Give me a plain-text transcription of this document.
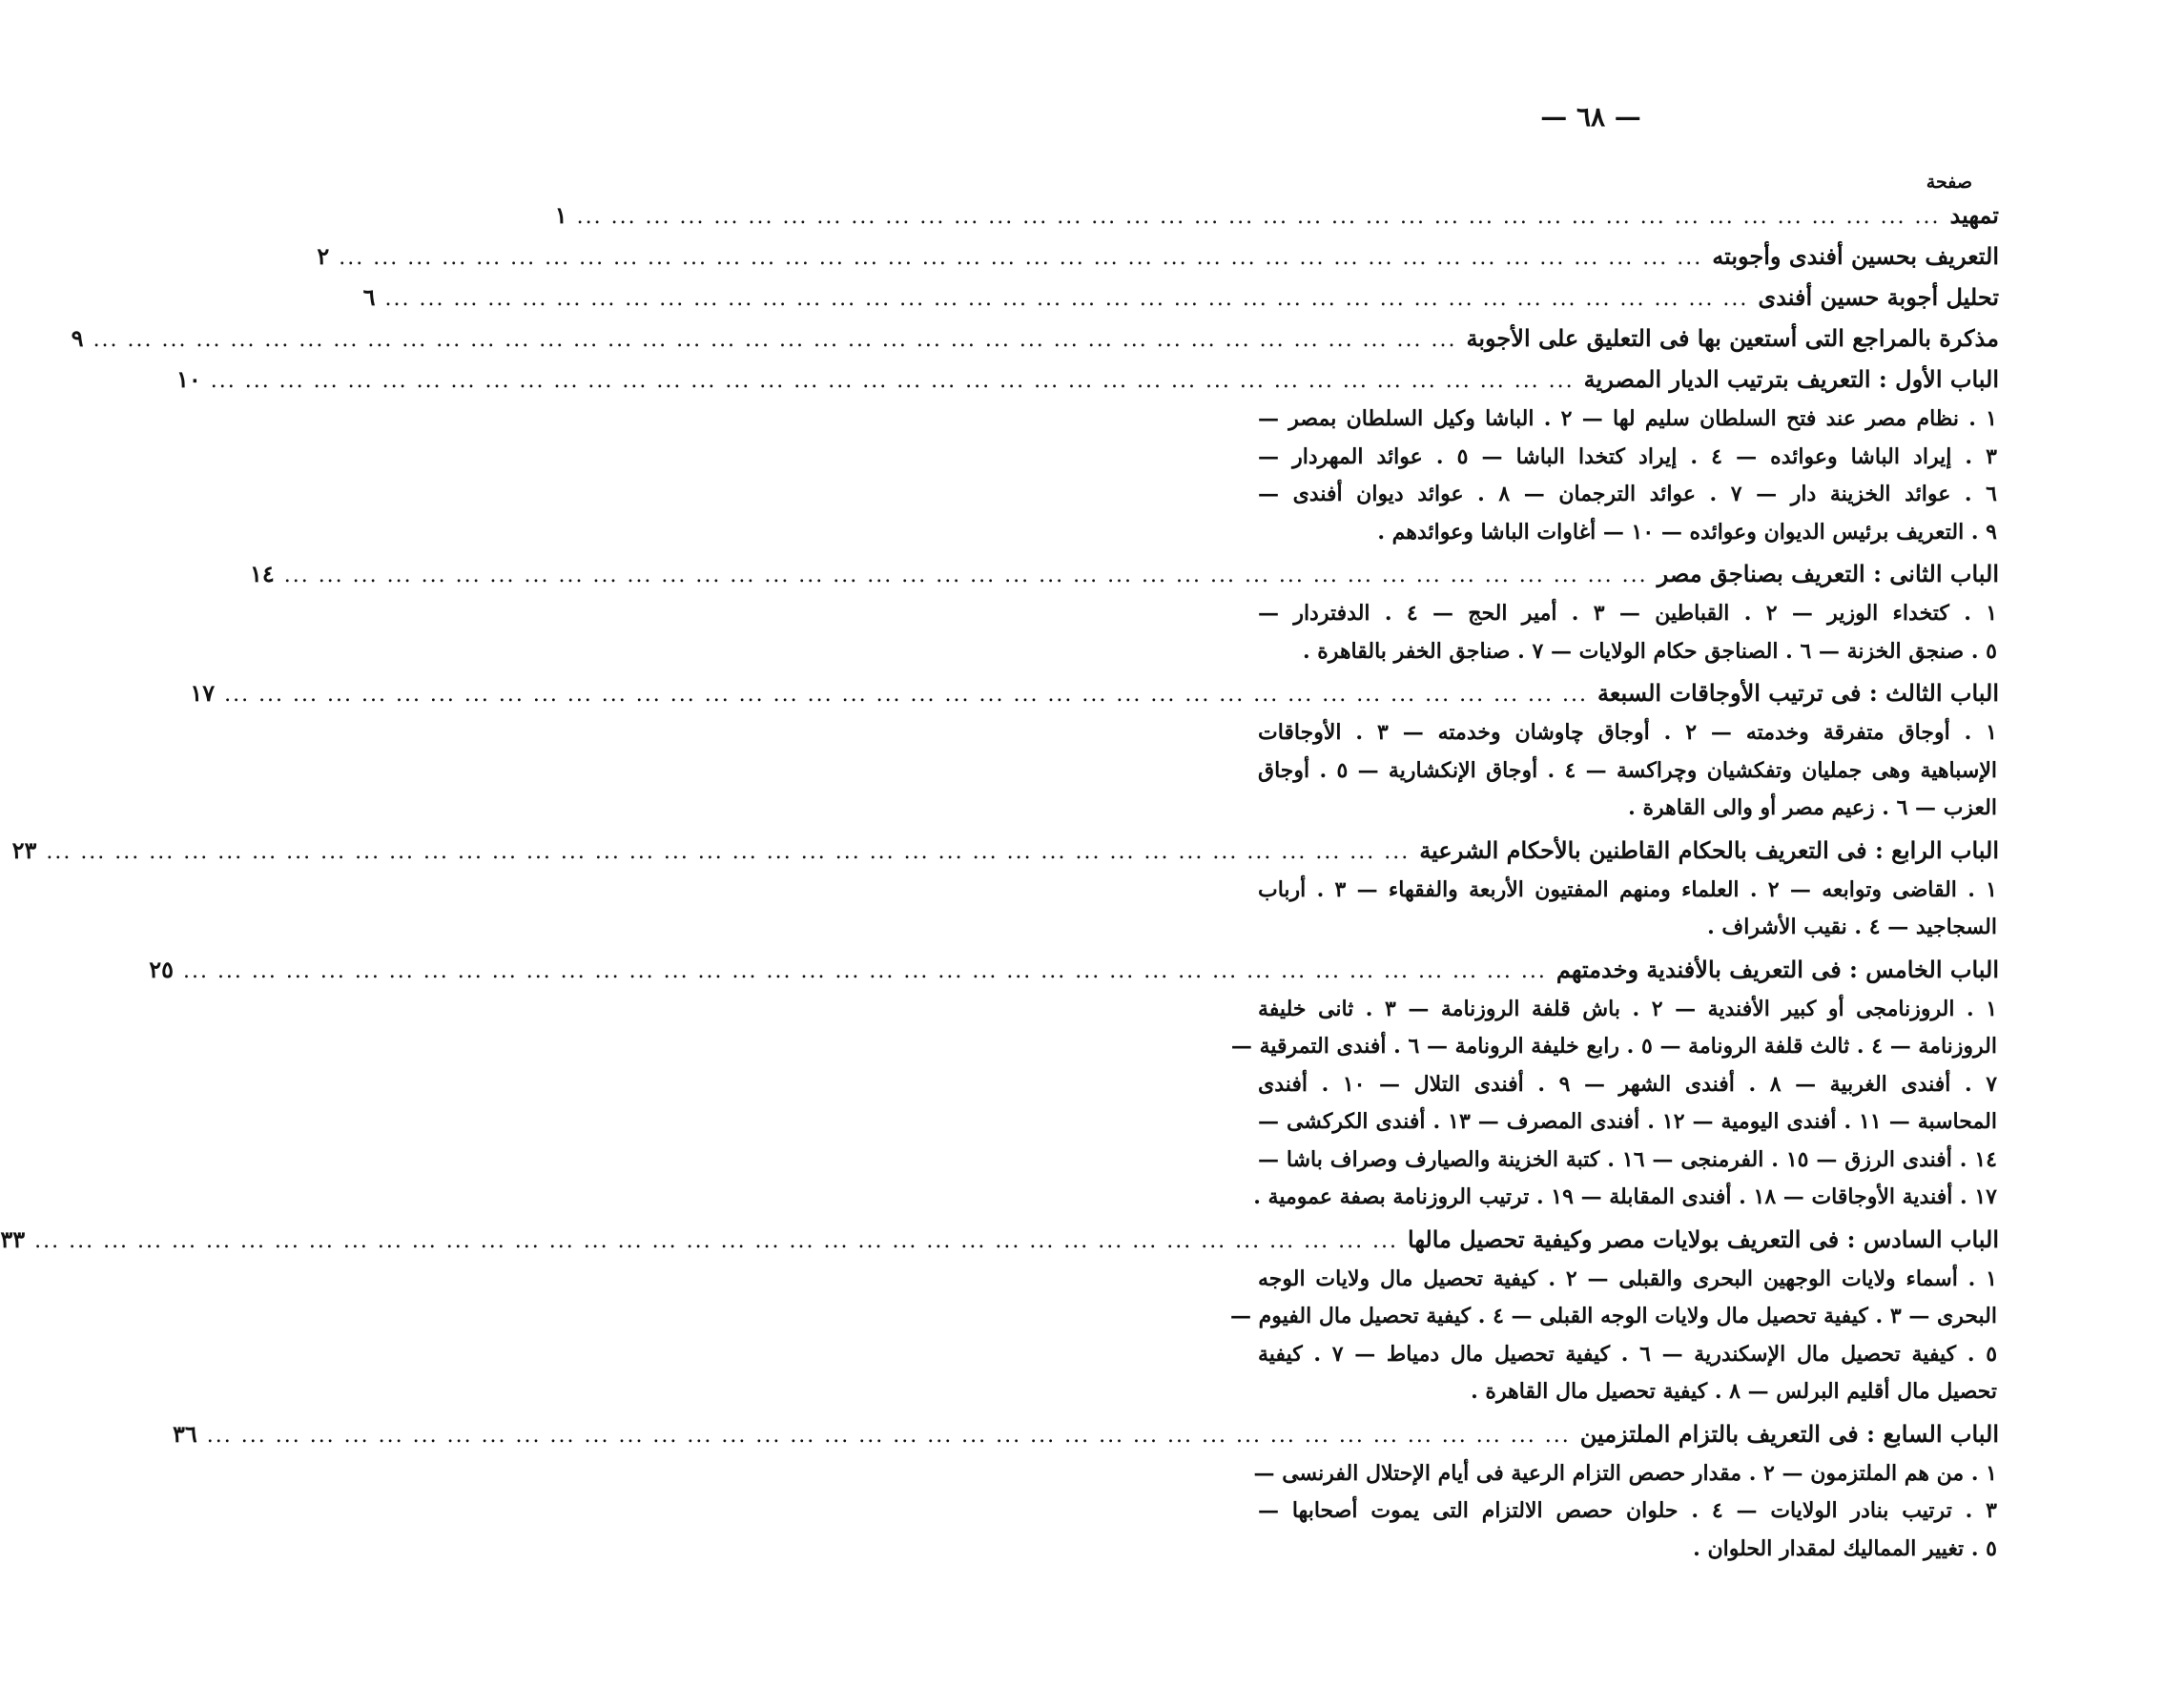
— ٦٨ —
صفحة
تمهيد
... ... ... ... ... ... ... ... ... ... ... ... ... ... ... ... ... ... ... ... ... ... ... ... ... ... ... ... ... ... ... ... ... ... ... ... ... ... ... ...
١
التعريف بحسين أفندى وأجوبته
... ... ... ... ... ... ... ... ... ... ... ... ... ... ... ... ... ... ... ... ... ... ... ... ... ... ... ... ... ... ... ... ... ... ... ... ... ... ... ...
٢
تحليل أجوبة حسين أفندى
... ... ... ... ... ... ... ... ... ... ... ... ... ... ... ... ... ... ... ... ... ... ... ... ... ... ... ... ... ... ... ... ... ... ... ... ... ... ... ...
٦
مذكرة بالمراجع التى أستعين بها فى التعليق على الأجوبة
... ... ... ... ... ... ... ... ... ... ... ... ... ... ... ... ... ... ... ... ... ... ... ... ... ... ... ... ... ... ... ... ... ... ... ... ... ... ... ...
٩
الباب الأول : التعريف بترتيب الديار المصرية
... ... ... ... ... ... ... ... ... ... ... ... ... ... ... ... ... ... ... ... ... ... ... ... ... ... ... ... ... ... ... ... ... ... ... ... ... ... ... ...
١٠
١ . نظام مصر عند فتح السلطان سليم لها — ٢ . الباشا وكيل السلطان بمصر —
٣ . إيراد الباشا وعوائده — ٤ . إيراد كتخدا الباشا — ٥ . عوائد المهردار —
٦ . عوائد الخزينة دار — ٧ . عوائد الترجمان — ٨ . عوائد ديوان أفندى —
٩ . التعريف برئيس الديوان وعوائده — ١٠ — أغاوات الباشا وعوائدهم .
الباب الثانى : التعريف بصناجق مصر
... ... ... ... ... ... ... ... ... ... ... ... ... ... ... ... ... ... ... ... ... ... ... ... ... ... ... ... ... ... ... ... ... ... ... ... ... ... ... ...
١٤
١ . كتخداء الوزير — ٢ . القباطين — ٣ . أمير الحج — ٤ . الدفتردار —
٥ . صنجق الخزنة — ٦ . الصناجق حكام الولايات — ٧ . صناجق الخفر بالقاهرة .
الباب الثالث : فى ترتيب الأوجاقات السبعة
... ... ... ... ... ... ... ... ... ... ... ... ... ... ... ... ... ... ... ... ... ... ... ... ... ... ... ... ... ... ... ... ... ... ... ... ... ... ... ...
١٧
١ . أوجاق متفرقة وخدمته — ٢ . أوجاق چاوشان وخدمته — ٣ . الأوجاقات
الإسباهية وهى جمليان وتفكشيان وچراكسة — ٤ . أوجاق الإنكشارية — ٥ . أوجاق
العزب — ٦ . زعيم مصر أو والى القاهرة .
الباب الرابع : فى التعريف بالحكام القاطنين بالأحكام الشرعية
... ... ... ... ... ... ... ... ... ... ... ... ... ... ... ... ... ... ... ... ... ... ... ... ... ... ... ... ... ... ... ... ... ... ... ... ... ... ... ...
٢٣
١ . القاضى وتوابعه — ٢ . العلماء ومنهم المفتيون الأربعة والفقهاء — ٣ . أرباب
السجاجيد — ٤ . نقيب الأشراف .
الباب الخامس : فى التعريف بالأفندية وخدمتهم
... ... ... ... ... ... ... ... ... ... ... ... ... ... ... ... ... ... ... ... ... ... ... ... ... ... ... ... ... ... ... ... ... ... ... ... ... ... ... ...
٢٥
١ . الروزنامجى أو كبير الأفندية — ٢ . باش قلفة الروزنامة — ٣ . ثانى خليفة
الروزنامة — ٤ . ثالث قلفة الرونامة — ٥ . رابع خليفة الرونامة — ٦ . أفندى التمرقية —
٧ . أفندى الغربية — ٨ . أفندى الشهر — ٩ . أفندى التلال — ١٠ . أفندى
المحاسبة — ١١ . أفندى اليومية — ١٢ . أفندى المصرف — ١٣ . أفندى الكركشى —
١٤ . أفندى الرزق — ١٥ . الفرمنجى — ١٦ . كتبة الخزينة والصيارف وصراف باشا —
١٧ . أفندية الأوجاقات — ١٨ . أفندى المقابلة — ١٩ . ترتيب الروزنامة بصفة عمومية .
الباب السادس : فى التعريف بولايات مصر وكيفية تحصيل مالها
... ... ... ... ... ... ... ... ... ... ... ... ... ... ... ... ... ... ... ... ... ... ... ... ... ... ... ... ... ... ... ... ... ... ... ... ... ... ... ...
٣٣
١ . أسماء ولايات الوجهين البحرى والقبلى — ٢ . كيفية تحصيل مال ولايات الوجه
البحرى — ٣ . كيفية تحصيل مال ولايات الوجه القبلى — ٤ . كيفية تحصيل مال الفيوم —
٥ . كيفية تحصيل مال الإسكندرية — ٦ . كيفية تحصيل مال دمياط — ٧ . كيفية
تحصيل مال أقليم البرلس — ٨ . كيفية تحصيل مال القاهرة .
الباب السابع : فى التعريف بالتزام الملتزمين
... ... ... ... ... ... ... ... ... ... ... ... ... ... ... ... ... ... ... ... ... ... ... ... ... ... ... ... ... ... ... ... ... ... ... ... ... ... ... ...
٣٦
١ . من هم الملتزمون — ٢ . مقدار حصص التزام الرعية فى أيام الإحتلال الفرنسى —
٣ . ترتيب بنادر الولايات — ٤ . حلوان حصص الالتزام التى يموت أصحابها —
٥ . تغيير المماليك لمقدار الحلوان .
